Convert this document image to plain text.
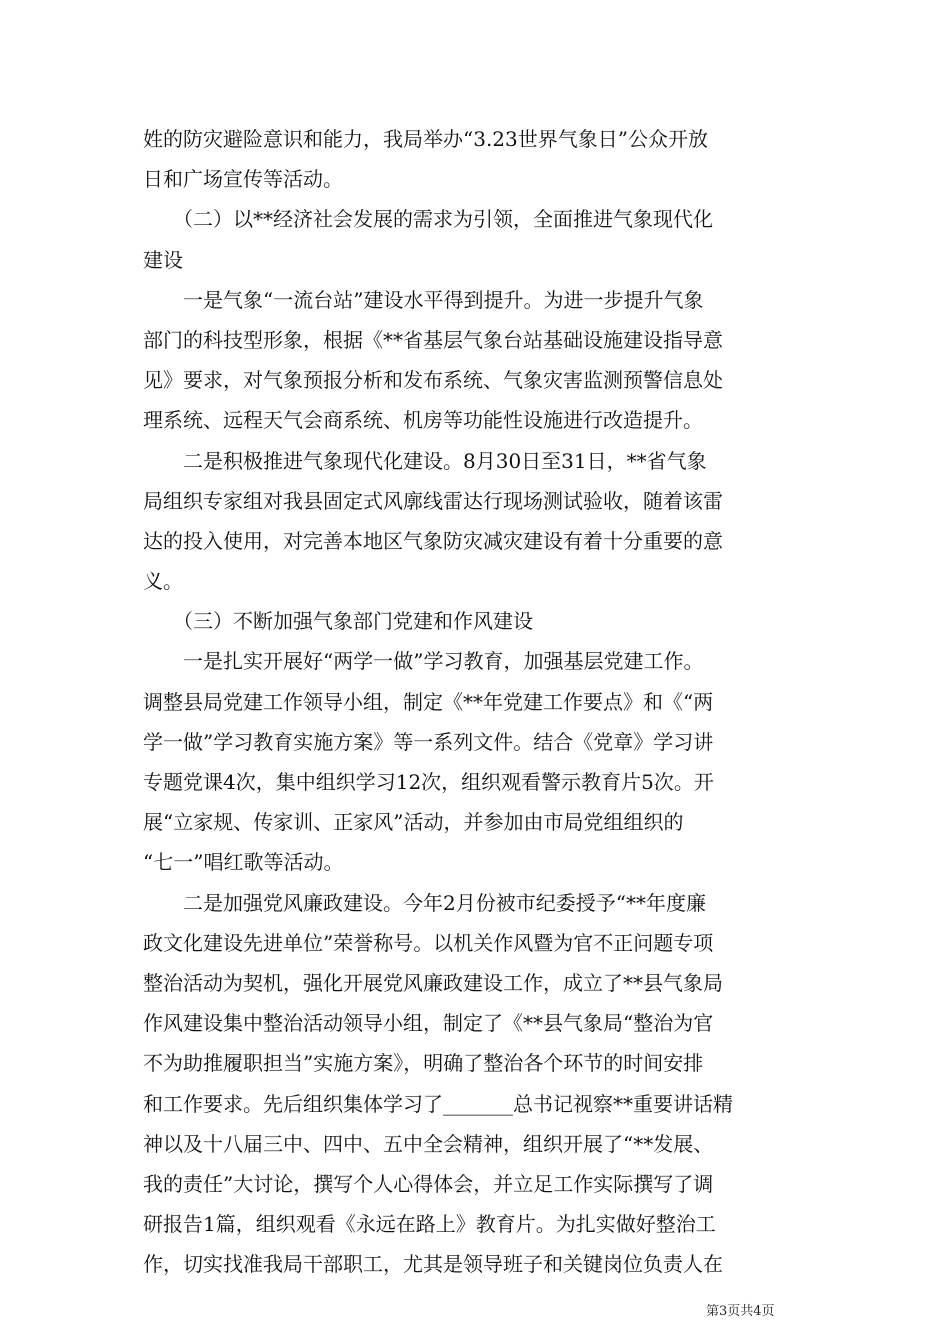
姓的防灾避险意识和能力，我局举办“3.23世界气象日”公众开放
日和广场宣传等活动。
　　（二）以**经济社会发展的需求为引领，全面推进气象现代化
建设
　　一是气象“一流台站”建设水平得到提升。为进一步提升气象
部门的科技型形象，根据《**省基层气象台站基础设施建设指导意
见》要求，对气象预报分析和发布系统、气象灾害监测预警信息处
理系统、远程天气会商系统、机房等功能性设施进行改造提升。
　　二是积极推进气象现代化建设。8月30日至31日，**省气象
局组织专家组对我县固定式风廓线雷达行现场测试验收，随着该雷
达的投入使用，对完善本地区气象防灾减灾建设有着十分重要的意
义。
　　（三）不断加强气象部门党建和作风建设
　　一是扎实开展好“两学一做”学习教育，加强基层党建工作。
调整县局党建工作领导小组，制定《**年党建工作要点》和《“两
学一做”学习教育实施方案》等一系列文件。结合《党章》学习讲
专题党课4次，集中组织学习12次，组织观看警示教育片5次。开
展“立家规、传家训、正家风”活动，并参加由市局党组组织的
“七一”唱红歌等活动。
　　二是加强党风廉政建设。今年2月份被市纪委授予“**年度廉
政文化建设先进单位”荣誉称号。以机关作风暨为官不正问题专项
整治活动为契机，强化开展党风廉政建设工作，成立了**县气象局
作风建设集中整治活动领导小组，制定了《**县气象局“整治为官
不为助推履职担当”实施方案》，明确了整治各个环节的时间安排
和工作要求。先后组织集体学习了_______总书记视察**重要讲话精
神以及十八届三中、四中、五中全会精神，组织开展了“**发展、
我的责任”大讨论，撰写个人心得体会，并立足工作实际撰写了调
研报告1篇，组织观看《永远在路上》教育片。为扎实做好整治工
作，切实找准我局干部职工，尤其是领导班子和关键岗位负责人在
第3页共4页
